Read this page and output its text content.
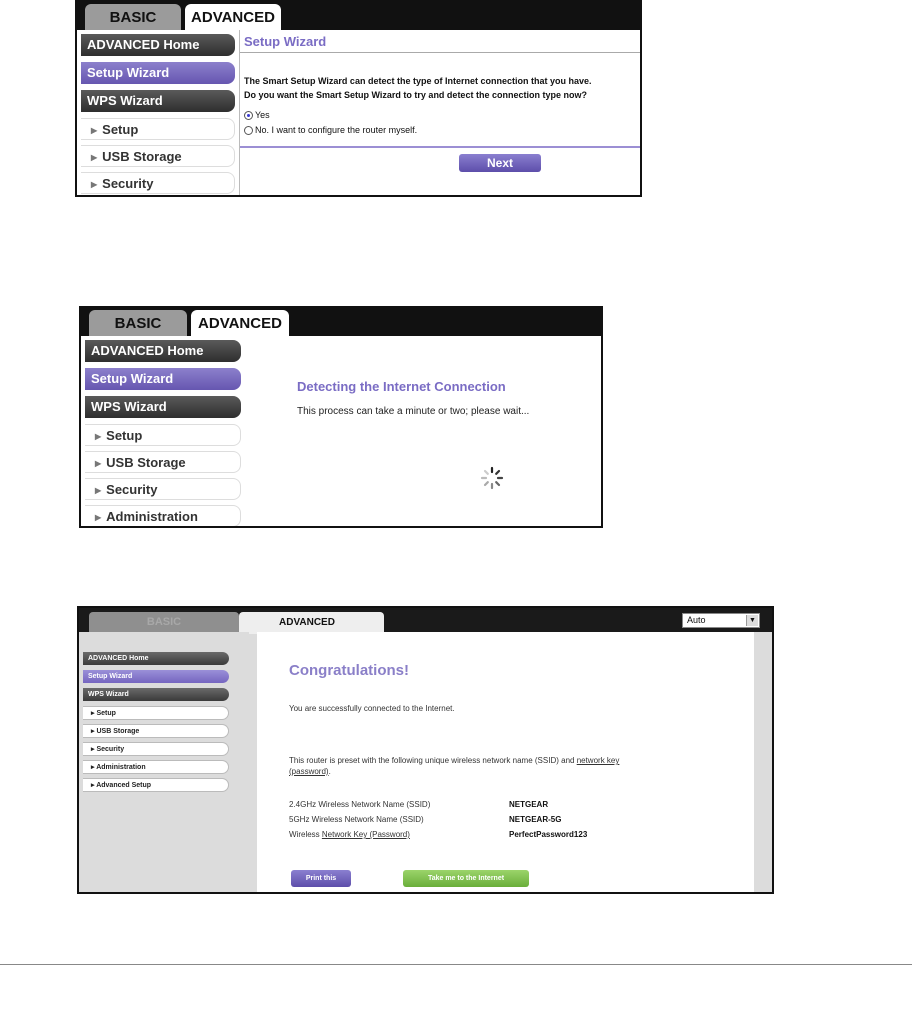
BASIC	ADVANCED
ADVANCED Home
Setup Wizard
WPS Wizard
▶ Setup
▶ USB Storage
▶ Security
Setup Wizard
The Smart Setup Wizard can detect the type of Internet connection that you have.
Do you want the Smart Setup Wizard to try and detect the connection type now?
Yes
No. I want to configure the router myself.
Next
BASIC	ADVANCED
ADVANCED Home
Setup Wizard
WPS Wizard
▶ Setup
▶ USB Storage
▶ Security
▶ Administration
Detecting the Internet Connection
This process can take a minute or two; please wait...
BASIC	ADVANCED	Auto	▼
ADVANCED Home
Setup Wizard
WPS Wizard
▸ Setup
▸ USB Storage
▸ Security
▸ Administration
▸ Advanced Setup
Congratulations!
You are successfully connected to the Internet.
This router is preset with the following unique wireless network name (SSID) and network key
(password).
2.4GHz Wireless Network Name (SSID)	NETGEAR
5GHz Wireless Network Name (SSID)	NETGEAR-5G
Wireless Network Key (Password)	PerfectPassword123
Print this	Take me to the Internet
